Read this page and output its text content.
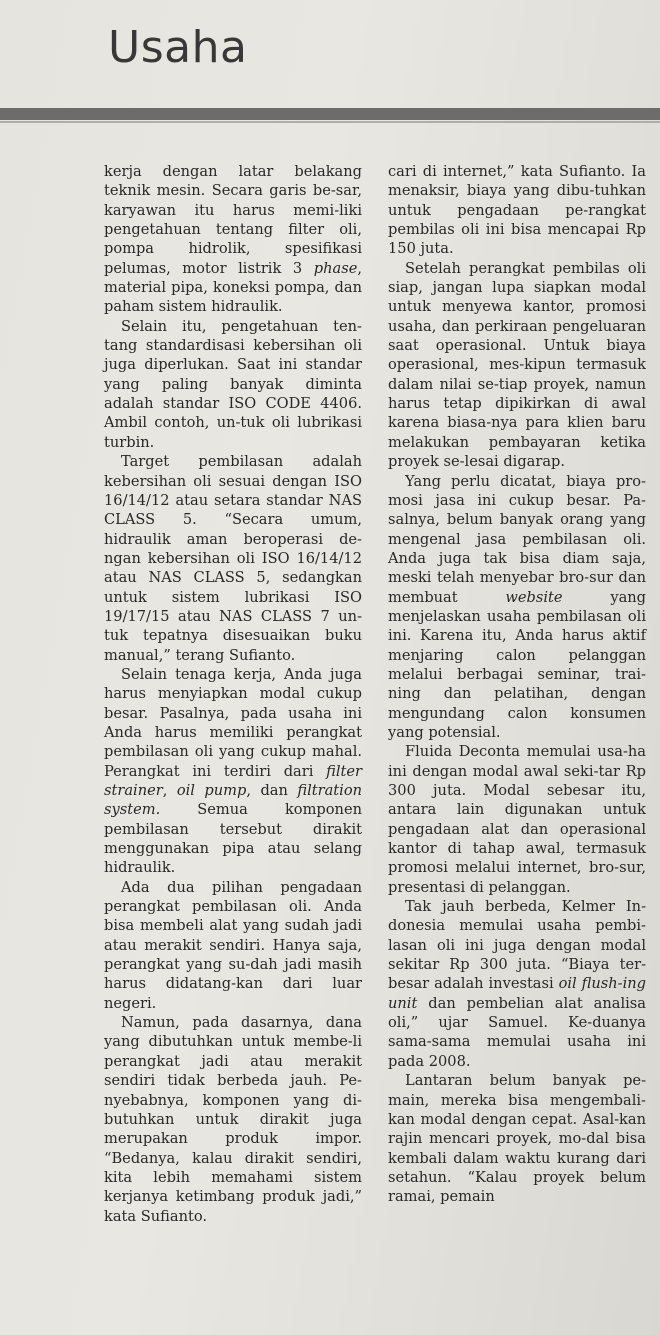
Usaha

kerja dengan latar belakang teknik mesin. Secara garis be-sar, karyawan itu harus memi-liki pengetahuan tentang filter oli, pompa hidrolik, spesifikasi pelumas, motor listrik 3 phase, material pipa, koneksi pompa, dan paham sistem hidraulik.

Selain itu, pengetahuan ten-tang standardisasi kebersihan oli juga diperlukan. Saat ini standar yang paling banyak diminta adalah standar ISO CODE 4406. Ambil contoh, un-tuk oli lubrikasi turbin.

Target pembilasan adalah kebersihan oli sesuai dengan ISO 16/14/12 atau setara standar NAS CLASS 5. “Secara umum, hidraulik aman beroperasi de-ngan kebersihan oli ISO 16/14/12 atau NAS CLASS 5, sedangkan untuk sistem lubrikasi ISO 19/17/15 atau NAS CLASS 7 un-tuk tepatnya disesuaikan buku manual,” terang Sufianto.

Selain tenaga kerja, Anda juga harus menyiapkan modal cukup besar. Pasalnya, pada usaha ini Anda harus memiliki perangkat pembilasan oli yang cukup mahal. Perangkat ini terdiri dari filter strainer, oil pump, dan filtration system. Semua komponen pembilasan tersebut dirakit menggunakan pipa atau selang hidraulik.

Ada dua pilihan pengadaan perangkat pembilasan oli. Anda bisa membeli alat yang sudah jadi atau merakit sendiri. Hanya saja, perangkat yang su-dah jadi masih harus didatang-kan dari luar negeri.

Namun, pada dasarnya, dana yang dibutuhkan untuk membe-li perangkat jadi atau merakit sendiri tidak berbeda jauh. Pe-nyebabnya, komponen yang di-butuhkan untuk dirakit juga merupakan produk impor. “Bedanya, kalau dirakit sendiri, kita lebih memahami sistem kerjanya ketimbang produk jadi,” kata Sufianto.

cari di internet,” kata Sufianto. Ia menaksir, biaya yang dibu-tuhkan untuk pengadaan pe-rangkat pembilas oli ini bisa mencapai Rp 150 juta.

Setelah perangkat pembilas oli siap, jangan lupa siapkan modal untuk menyewa kantor, promosi usaha, dan perkiraan pengeluaran saat operasional. Untuk biaya operasional, mes-kipun termasuk dalam nilai se-tiap proyek, namun harus tetap dipikirkan di awal karena biasa-nya para klien baru melakukan pembayaran ketika proyek se-lesai digarap.

Yang perlu dicatat, biaya pro-mosi jasa ini cukup besar. Pa-salnya, belum banyak orang yang mengenal jasa pembilasan oli. Anda juga tak bisa diam saja, meski telah menyebar bro-sur dan membuat website yang menjelaskan usaha pembilasan oli ini. Karena itu, Anda harus aktif menjaring calon pelanggan melalui berbagai seminar, trai-ning dan pelatihan, dengan mengundang calon konsumen yang potensial.

Fluida Deconta memulai usa-ha ini dengan modal awal seki-tar Rp 300 juta. Modal sebesar itu, antara lain digunakan untuk pengadaan alat dan operasional kantor di tahap awal, termasuk promosi melalui internet, bro-sur, presentasi di pelanggan.

Tak jauh berbeda, Kelmer In-donesia memulai usaha pembi-lasan oli ini juga dengan modal sekitar Rp 300 juta. “Biaya ter-besar adalah investasi oil flush-ing unit dan pembelian alat analisa oli,” ujar Samuel. Ke-duanya sama-sama memulai usaha ini pada 2008.

Lantaran belum banyak pe-main, mereka bisa mengembali-kan modal dengan cepat. Asal-kan rajin mencari proyek, mo-dal bisa kembali dalam waktu kurang dari setahun. “Kalau proyek belum ramai, pemain
